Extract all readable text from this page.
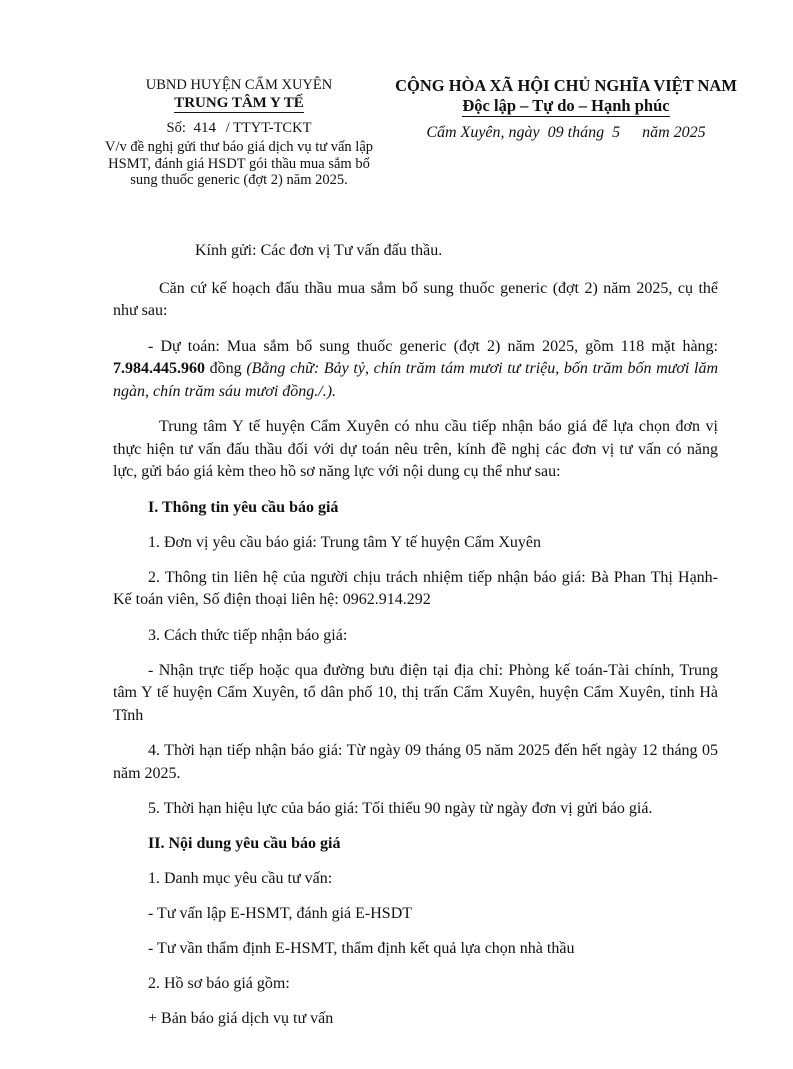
UBND HUYỆN CẨM XUYÊN
TRUNG TÂM Y TẾ
Số: 414 / TTYT-TCKT
V/v đề nghị gửi thư báo giá dịch vụ tư vấn lập HSMT, đánh giá HSDT gói thầu mua sắm bổ sung thuốc generic (đợt 2) năm 2025.
CỘNG HÒA XÃ HỘI CHỦ NGHĨA VIỆT NAM
Độc lập – Tự do – Hạnh phúc
Cẩm Xuyên, ngày 09 tháng 5 năm 2025

Kính gửi: Các đơn vị Tư vấn đấu thầu.

Căn cứ kế hoạch đấu thầu mua sắm bổ sung thuốc generic (đợt 2) năm 2025, cụ thể như sau:

- Dự toán: Mua sắm bổ sung thuốc generic (đợt 2) năm 2025, gồm 118 mặt hàng: 7.984.445.960 đồng (Bằng chữ: Bảy tỷ, chín trăm tám mươi tư triệu, bốn trăm bốn mươi lăm ngàn, chín trăm sáu mươi đồng./.).

Trung tâm Y tế huyện Cẩm Xuyên có nhu cầu tiếp nhận báo giá để lựa chọn đơn vị thực hiện tư vấn đấu thầu đối với dự toán nêu trên, kính đề nghị các đơn vị tư vấn có năng lực, gửi báo giá kèm theo hồ sơ năng lực với nội dung cụ thể như sau:

I. Thông tin yêu cầu báo giá
1. Đơn vị yêu cầu báo giá: Trung tâm Y tế huyện Cẩm Xuyên

2. Thông tin liên hệ của người chịu trách nhiệm tiếp nhận báo giá: Bà Phan Thị Hạnh- Kế toán viên, Số điện thoại liên hệ: 0962.914.292

3. Cách thức tiếp nhận báo giá:

- Nhận trực tiếp hoặc qua đường bưu điện tại địa chỉ: Phòng kế toán-Tài chính, Trung tâm Y tế huyện Cẩm Xuyên, tổ dân phố 10, thị trấn Cẩm Xuyên, huyện Cẩm Xuyên, tỉnh Hà Tĩnh

4. Thời hạn tiếp nhận báo giá: Từ ngày 09 tháng 05 năm 2025 đến hết ngày 12 tháng 05 năm 2025.

5. Thời hạn hiệu lực của báo giá: Tối thiểu 90 ngày từ ngày đơn vị gửi báo giá.
II. Nội dung yêu cầu báo giá
1. Danh mục yêu cầu tư vấn:
- Tư vấn lập E-HSMT, đánh giá E-HSDT
- Tư vần thẩm định E-HSMT, thẩm định kết quả lựa chọn nhà thầu
2. Hồ sơ báo giá gồm:
+ Bản báo giá dịch vụ tư vấn
